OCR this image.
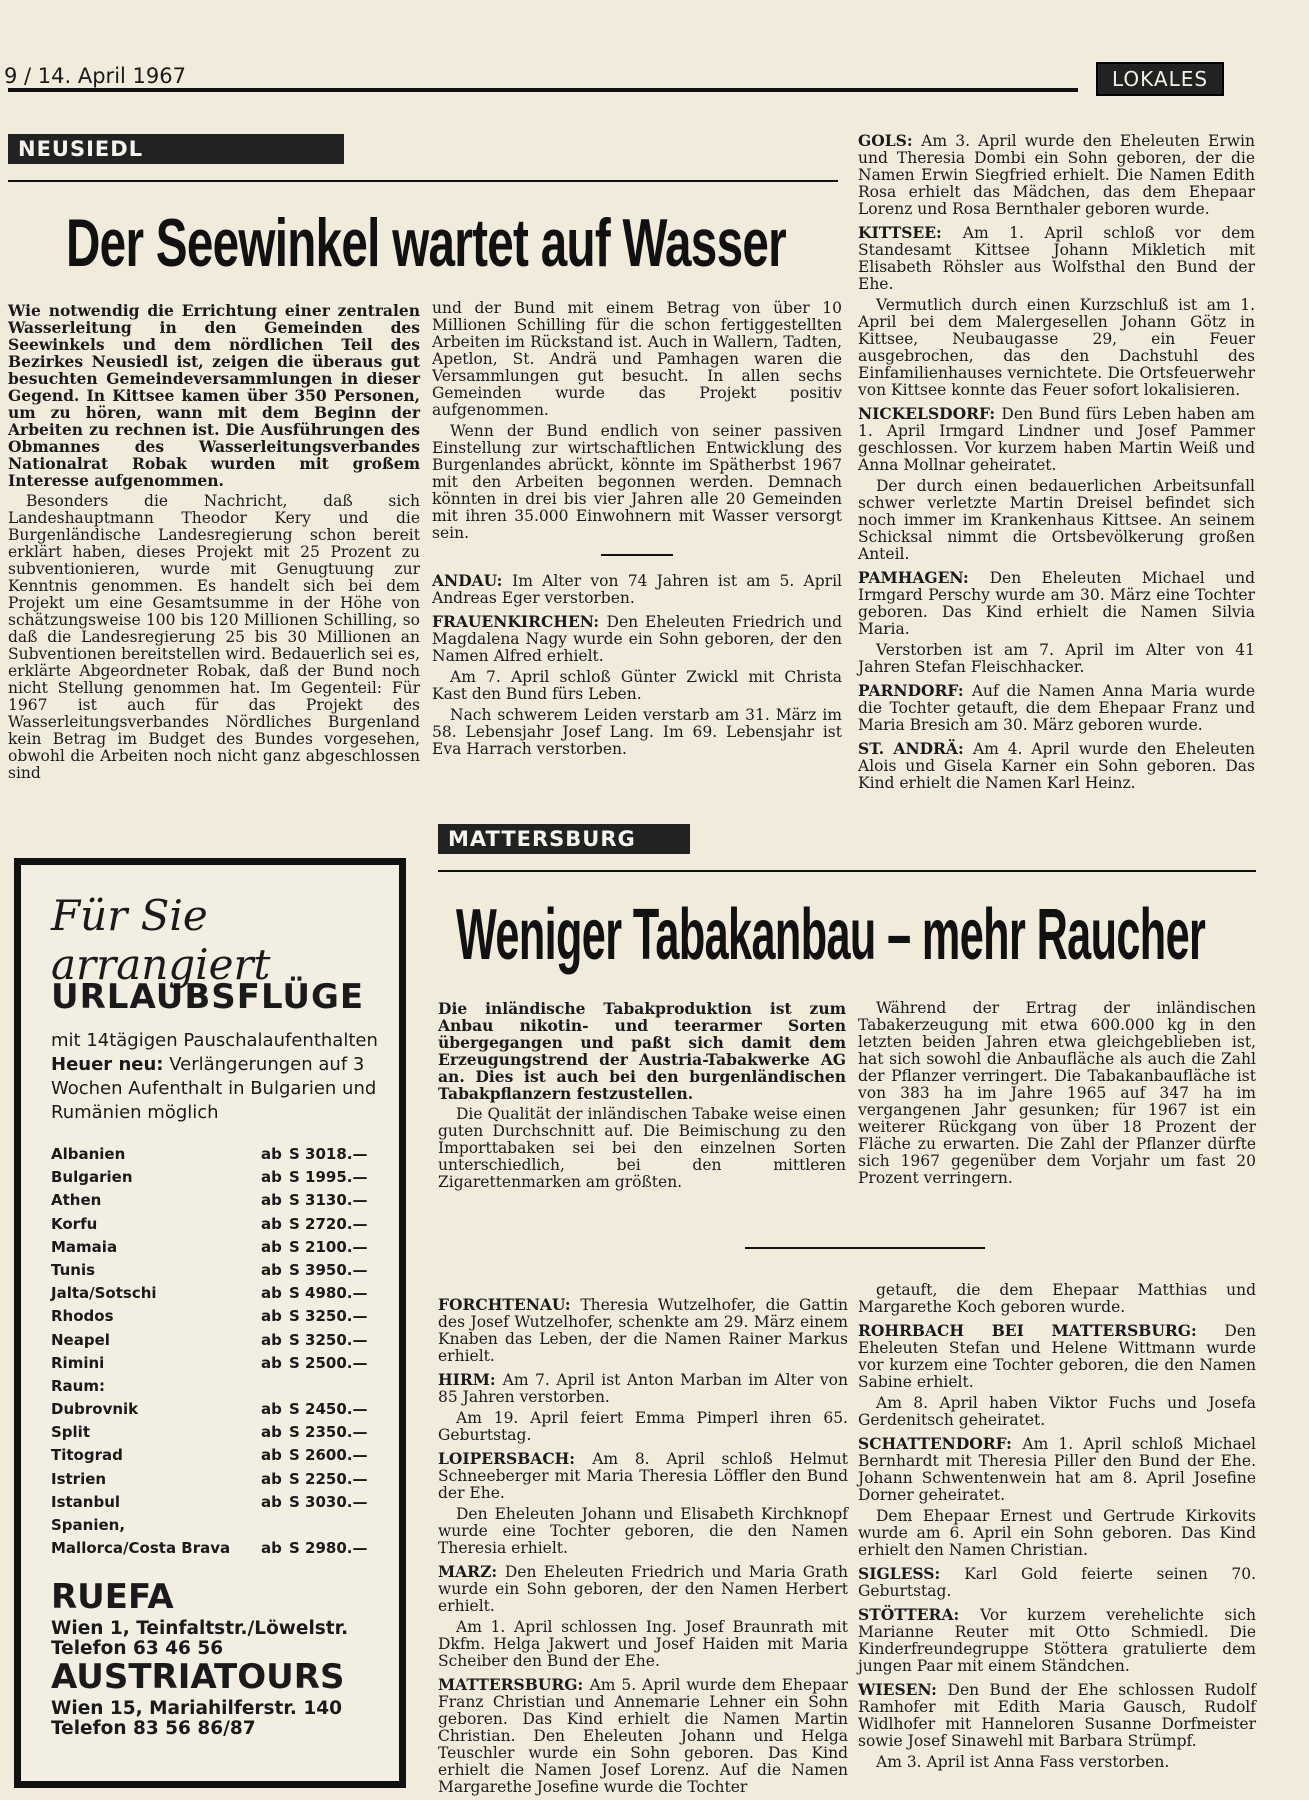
9 / 14. April 1967	LOKALES
NEUSIEDL
Der Seewinkel wartet auf Wasser

Wie notwendig die Errichtung einer zentralen Wasserleitung in den Gemeinden des Seewinkels und dem nördlichen Teil des Bezirkes Neusiedl ist, zeigen die überaus gut besuchten Gemeindeversammlungen in dieser Gegend. In Kittsee kamen über 350 Personen, um zu hören, wann mit dem Beginn der Arbeiten zu rechnen ist. Die Ausführungen des Obmannes des Wasserleitungsverbandes Nationalrat Robak wurden mit großem Interesse aufgenommen.

Besonders die Nachricht, daß sich Landeshauptmann Theodor Kery und die Burgenländische Landesregierung schon bereit erklärt haben, dieses Projekt mit 25 Prozent zu subventionieren, wurde mit Genugtuung zur Kenntnis genommen. Es handelt sich bei dem Projekt um eine Gesamtsumme in der Höhe von schätzungsweise 100 bis 120 Millionen Schilling, so daß die Landesregierung 25 bis 30 Millionen an Subventionen bereitstellen wird. Bedauerlich sei es, erklärte Abgeordneter Robak, daß der Bund noch nicht Stellung genommen hat. Im Gegenteil: Für 1967 ist auch für das Projekt des Wasserleitungsverbandes Nördliches Burgenland kein Betrag im Budget des Bundes vorgesehen, obwohl die Arbeiten noch nicht ganz abgeschlossen sind

und der Bund mit einem Betrag von über 10 Millionen Schilling für die schon fertiggestellten Arbeiten im Rückstand ist. Auch in Wallern, Tadten, Apetlon, St. Andrä und Pamhagen waren die Versammlungen gut besucht. In allen sechs Gemeinden wurde das Projekt positiv aufgenommen.

Wenn der Bund endlich von seiner passiven Einstellung zur wirtschaftlichen Entwicklung des Burgenlandes abrückt, könnte im Spätherbst 1967 mit den Arbeiten begonnen werden. Demnach könnten in drei bis vier Jahren alle 20 Gemeinden mit ihren 35.000 Einwohnern mit Wasser versorgt sein.

ANDAU: Im Alter von 74 Jahren ist am 5. April Andreas Eger verstorben.

FRAUENKIRCHEN: Den Eheleuten Friedrich und Magdalena Nagy wurde ein Sohn geboren, der den Namen Alfred erhielt.

Am 7. April schloß Günter Zwickl mit Christa Kast den Bund fürs Leben.

Nach schwerem Leiden verstarb am 31. März im 58. Lebensjahr Josef Lang. Im 69. Lebensjahr ist Eva Harrach verstorben.

GOLS: Am 3. April wurde den Eheleuten Erwin und Theresia Dombi ein Sohn geboren, der die Namen Erwin Siegfried erhielt. Die Namen Edith Rosa erhielt das Mädchen, das dem Ehepaar Lorenz und Rosa Bernthaler geboren wurde.

KITTSEE: Am 1. April schloß vor dem Standesamt Kittsee Johann Mikletich mit Elisabeth Röhsler aus Wolfsthal den Bund der Ehe.

Vermutlich durch einen Kurzschluß ist am 1. April bei dem Malergesellen Johann Götz in Kittsee, Neubaugasse 29, ein Feuer ausgebrochen, das den Dachstuhl des Einfamilienhauses vernichtete. Die Ortsfeuerwehr von Kittsee konnte das Feuer sofort lokalisieren.

NICKELSDORF: Den Bund fürs Leben haben am 1. April Irmgard Lindner und Josef Pammer geschlossen. Vor kurzem haben Martin Weiß und Anna Mollnar geheiratet.

Der durch einen bedauerlichen Arbeitsunfall schwer verletzte Martin Dreisel befindet sich noch immer im Krankenhaus Kittsee. An seinem Schicksal nimmt die Ortsbevölkerung großen Anteil.

PAMHAGEN: Den Eheleuten Michael und Irmgard Perschy wurde am 30. März eine Tochter geboren. Das Kind erhielt die Namen Silvia Maria.

Verstorben ist am 7. April im Alter von 41 Jahren Stefan Fleischhacker.

PARNDORF: Auf die Namen Anna Maria wurde die Tochter getauft, die dem Ehepaar Franz und Maria Bresich am 30. März geboren wurde.

ST. ANDRÄ: Am 4. April wurde den Eheleuten Alois und Gisela Karner ein Sohn geboren. Das Kind erhielt die Namen Karl Heinz.

MATTERSBURG
Weniger Tabakanbau – mehr Raucher

Die inländische Tabakproduktion ist zum Anbau nikotin- und teerarmer Sorten übergegangen und paßt sich damit dem Erzeugungstrend der Austria-Tabakwerke AG an. Dies ist auch bei den burgenländischen Tabakpflanzern festzustellen.

Die Qualität der inländischen Tabake weise einen guten Durchschnitt auf. Die Beimischung zu den Importtabaken sei bei den einzelnen Sorten unterschiedlich, bei den mittleren Zigarettenmarken am größten.

Während der Ertrag der inländischen Tabakerzeugung mit etwa 600.000 kg in den letzten beiden Jahren etwa gleichgeblieben ist, hat sich sowohl die Anbaufläche als auch die Zahl der Pflanzer verringert. Die Tabakanbaufläche ist von 383 ha im Jahre 1965 auf 347 ha im vergangenen Jahr gesunken; für 1967 ist ein weiterer Rückgang von über 18 Prozent der Fläche zu erwarten. Die Zahl der Pflanzer dürfte sich 1967 gegenüber dem Vorjahr um fast 20 Prozent verringern.

FORCHTENAU: Theresia Wutzelhofer, die Gattin des Josef Wutzelhofer, schenkte am 29. März einem Knaben das Leben, der die Namen Rainer Markus erhielt.

HIRM: Am 7. April ist Anton Marban im Alter von 85 Jahren verstorben.

Am 19. April feiert Emma Pimperl ihren 65. Geburtstag.

LOIPERSBACH: Am 8. April schloß Helmut Schneeberger mit Maria Theresia Löffler den Bund der Ehe.

Den Eheleuten Johann und Elisabeth Kirchknopf wurde eine Tochter geboren, die den Namen Theresia erhielt.

MARZ: Den Eheleuten Friedrich und Maria Grath wurde ein Sohn geboren, der den Namen Herbert erhielt.

Am 1. April schlossen Ing. Josef Braunrath mit Dkfm. Helga Jakwert und Josef Haiden mit Maria Scheiber den Bund der Ehe.

MATTERSBURG: Am 5. April wurde dem Ehepaar Franz Christian und Annemarie Lehner ein Sohn geboren. Das Kind erhielt die Namen Martin Christian. Den Eheleuten Johann und Helga Teuschler wurde ein Sohn geboren. Das Kind erhielt die Namen Josef Lorenz. Auf die Namen Margarethe Josefine wurde die Tochter

getauft, die dem Ehepaar Matthias und Margarethe Koch geboren wurde.

ROHRBACH BEI MATTERSBURG: Den Eheleuten Stefan und Helene Wittmann wurde vor kurzem eine Tochter geboren, die den Namen Sabine erhielt.

Am 8. April haben Viktor Fuchs und Josefa Gerdenitsch geheiratet.

SCHATTENDORF: Am 1. April schloß Michael Bernhardt mit Theresia Piller den Bund der Ehe. Johann Schwentenwein hat am 8. April Josefine Dorner geheiratet.

Dem Ehepaar Ernest und Gertrude Kirkovits wurde am 6. April ein Sohn geboren. Das Kind erhielt den Namen Christian.

SIGLESS: Karl Gold feierte seinen 70. Geburtstag.

STÖTTERA: Vor kurzem verehelichte sich Marianne Reuter mit Otto Schmiedl. Die Kinderfreundegruppe Stöttera gratulierte dem jungen Paar mit einem Ständchen.

WIESEN: Den Bund der Ehe schlossen Rudolf Ramhofer mit Edith Maria Gausch, Rudolf Widlhofer mit Hanneloren Susanne Dorfmeister sowie Josef Sinawehl mit Barbara Strümpf.

Am 3. April ist Anna Fass verstorben.

Für Sie arrangiert
URLAUBSFLÜGE
mit 14tägigen Pauschalaufenthalten
Heuer neu: Verlängerungen auf 3 Wochen Aufenthalt in Bulgarien und Rumänien möglich
Albanien	ab S 3018.—
Bulgarien	ab S 1995.—
Athen	ab S 3130.—
Korfu	ab S 2720.—
Mamaia	ab S 2100.—
Tunis	ab S 3950.—
Jalta/Sotschi	ab S 4980.—
Rhodos	ab S 3250.—
Neapel	ab S 3250.—
Rimini	ab S 2500.—
Raum:
Dubrovnik	ab S 2450.—
Split	ab S 2350.—
Titograd	ab S 2600.—
Istrien	ab S 2250.—
Istanbul	ab S 3030.—
Spanien,
Mallorca/Costa Brava ab S 2980.—
RUEFA
Wien 1, Teinfaltstr./Löwelstr.
Telefon 63 46 56
AUSTRIATOURS
Wien 15, Mariahilferstr. 140
Telefon 83 56 86/87
